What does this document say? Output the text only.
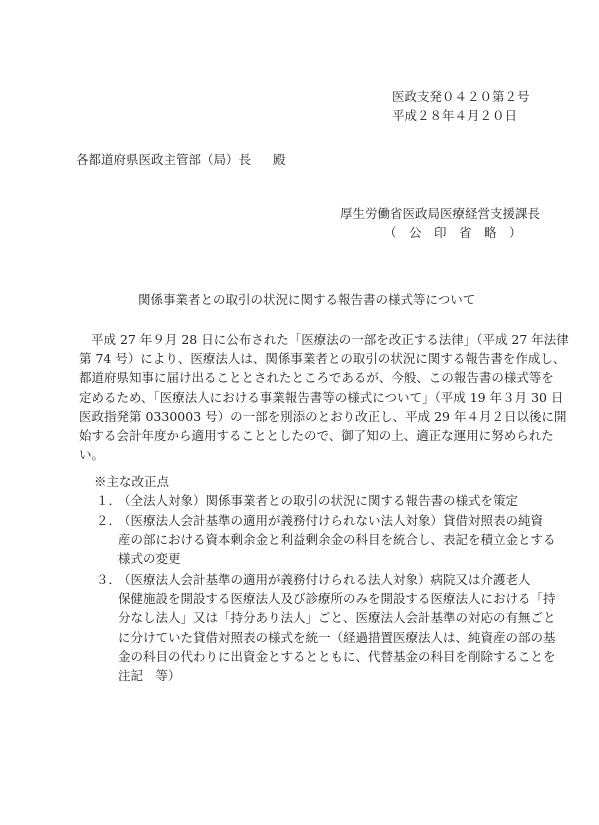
医政支発０４２０第２号
平成２８年４月２０日
各都道府県医政主管部（局）長 殿
厚生労働省医政局医療経営支援課長
（　公　印　省　略　）
関係事業者との取引の状況に関する報告書の様式等について
平成 27 年９月 28 日に公布された「医療法の一部を改正する法律」（平成 27 年法律
第 74 号）により、医療法人は、関係事業者との取引の状況に関する報告書を作成し、
都道府県知事に届け出ることとされたところであるが、今般、この報告書の様式等を
定めるため、「医療法人における事業報告書等の様式について」（平成 19 年３月 30 日
医政指発第 0330003 号）の一部を別添のとおり改正し、平成 29 年４月２日以後に開
始する会計年度から適用することとしたので、御了知の上、適正な運用に努められた
い。
※主な改正点
１．（全法人対象）関係事業者との取引の状況に関する報告書の様式を策定
２．（医療法人会計基準の適用が義務付けられない法人対象）貸借対照表の純資
産の部における資本剰余金と利益剰余金の科目を統合し、表記を積立金とする
様式の変更
３．（医療法人会計基準の適用が義務付けられる法人対象）病院又は介護老人
保健施設を開設する医療法人及び診療所のみを開設する医療法人における「持
分なし法人」又は「持分あり法人」ごと、医療法人会計基準の対応の有無ごと
に分けていた貸借対照表の様式を統一（経過措置医療法人は、純資産の部の基
金の科目の代わりに出資金とするとともに、代替基金の科目を削除することを
注記　等）
